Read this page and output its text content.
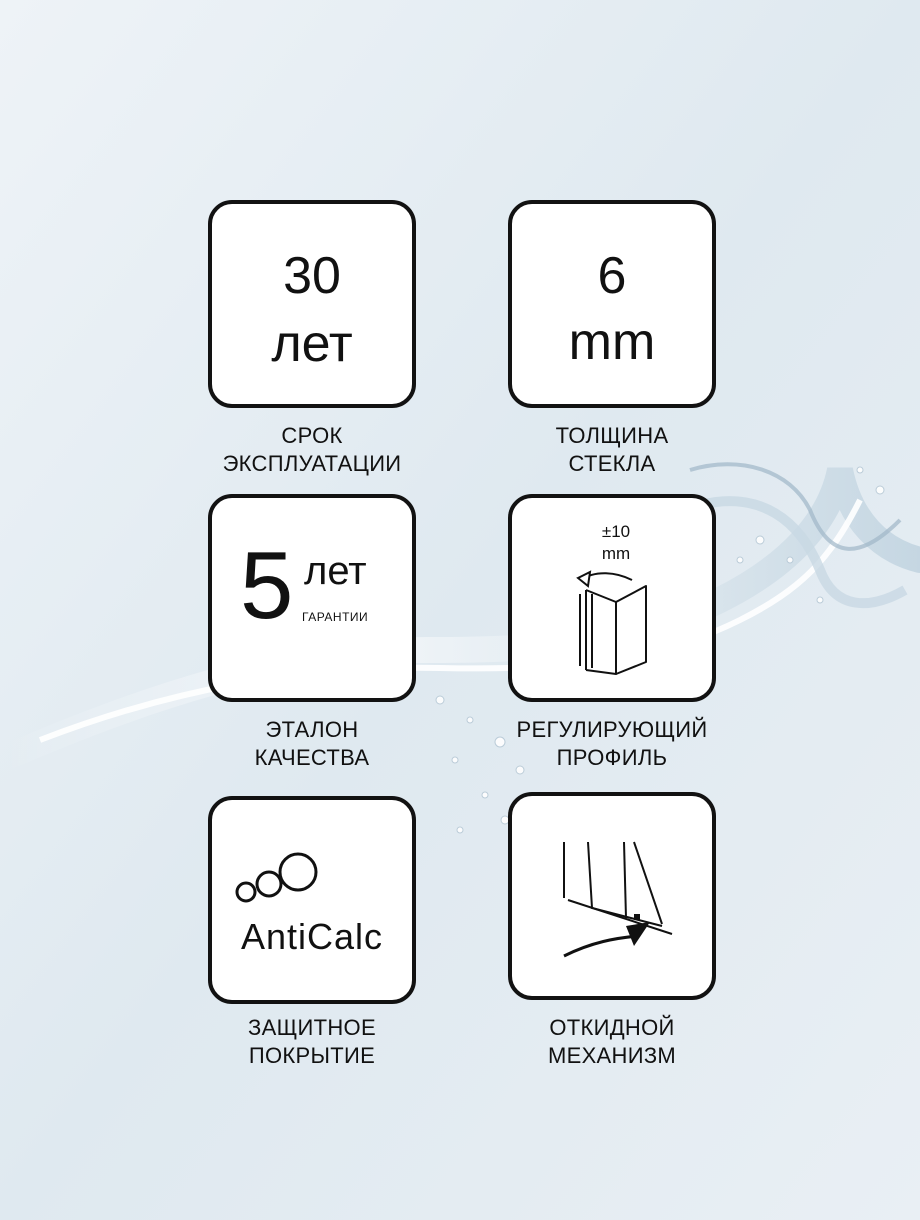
30
лет
СРОК
ЭКСПЛУАТАЦИИ
6
mm
ТОЛЩИНА
СТЕКЛА
5 лет
ГАРАНТИИ
ЭТАЛОН
КАЧЕСТВА
±10
mm
РЕГУЛИРУЮЩИЙ
ПРОФИЛЬ
AntiCalc
ЗАЩИТНОЕ
ПОКРЫТИЕ
ОТКИДНОЙ
МЕХАНИЗМ
